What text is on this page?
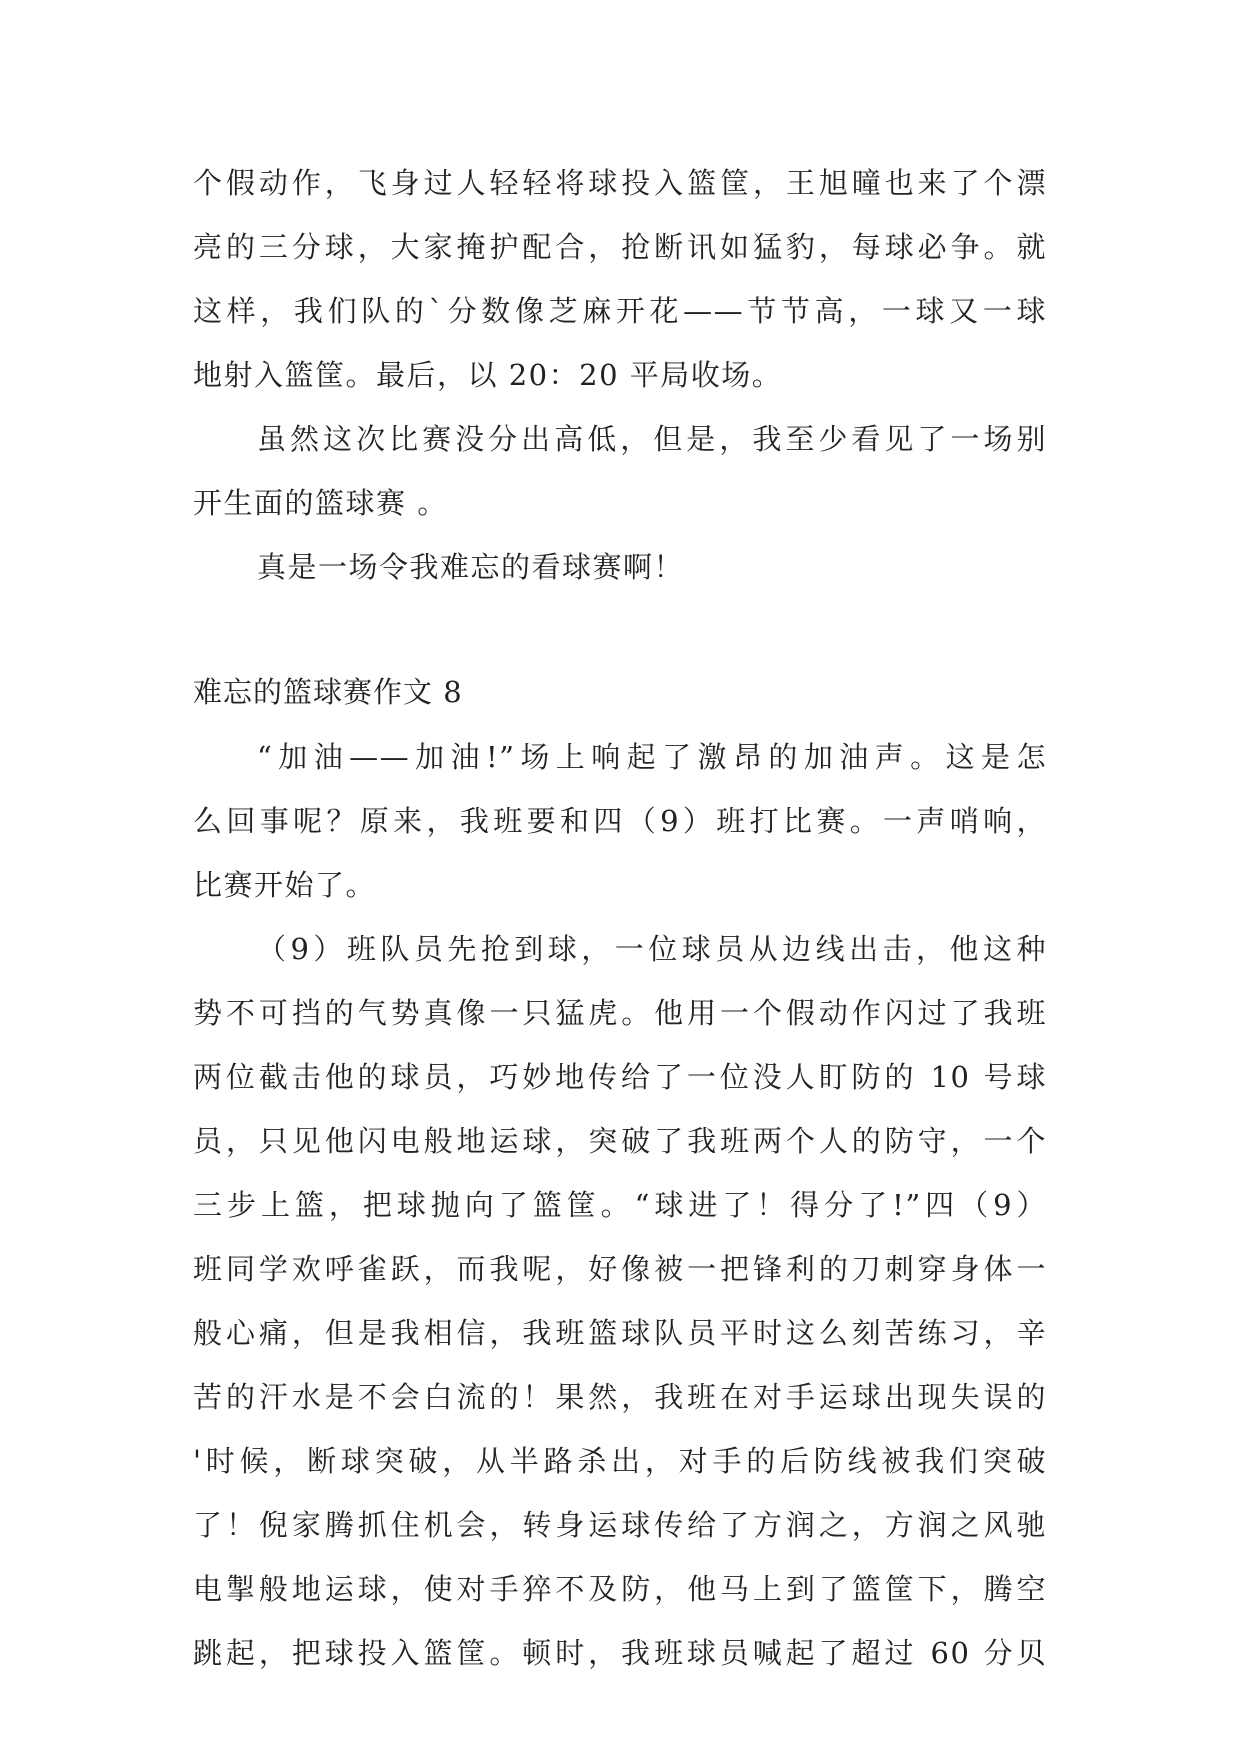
个假动作，飞身过人轻轻将球投入篮筐，王旭曈也来了个漂
亮的三分球，大家掩护配合，抢断讯如猛豹，每球必争。就
这样，我们队的`分数像芝麻开花——节节高，一球又一球
地射入篮筐。最后，以 20：20 平局收场。
虽然这次比赛没分出高低，但是，我至少看见了一场别
开生面的篮球赛 。
真是一场令我难忘的看球赛啊！
难忘的篮球赛作文 8
“加油——加油!”场上响起了激昂的加油声。这是怎
么回事呢？原来，我班要和四（9）班打比赛。一声哨响，
比赛开始了。
（9）班队员先抢到球，一位球员从边线出击，他这种
势不可挡的气势真像一只猛虎。他用一个假动作闪过了我班
两位截击他的球员，巧妙地传给了一位没人盯防的 10 号球
员，只见他闪电般地运球，突破了我班两个人的防守，一个
三步上篮，把球抛向了篮筐。“球进了！得分了!”四（9）
班同学欢呼雀跃，而我呢，好像被一把锋利的刀刺穿身体一
般心痛，但是我相信，我班篮球队员平时这么刻苦练习，辛
苦的汗水是不会白流的！果然，我班在对手运球出现失误的
'时候，断球突破，从半路杀出，对手的后防线被我们突破
了！倪家腾抓住机会，转身运球传给了方润之，方润之风驰
电掣般地运球，使对手猝不及防，他马上到了篮筐下，腾空
跳起，把球投入篮筐。顿时，我班球员喊起了超过 60 分贝
